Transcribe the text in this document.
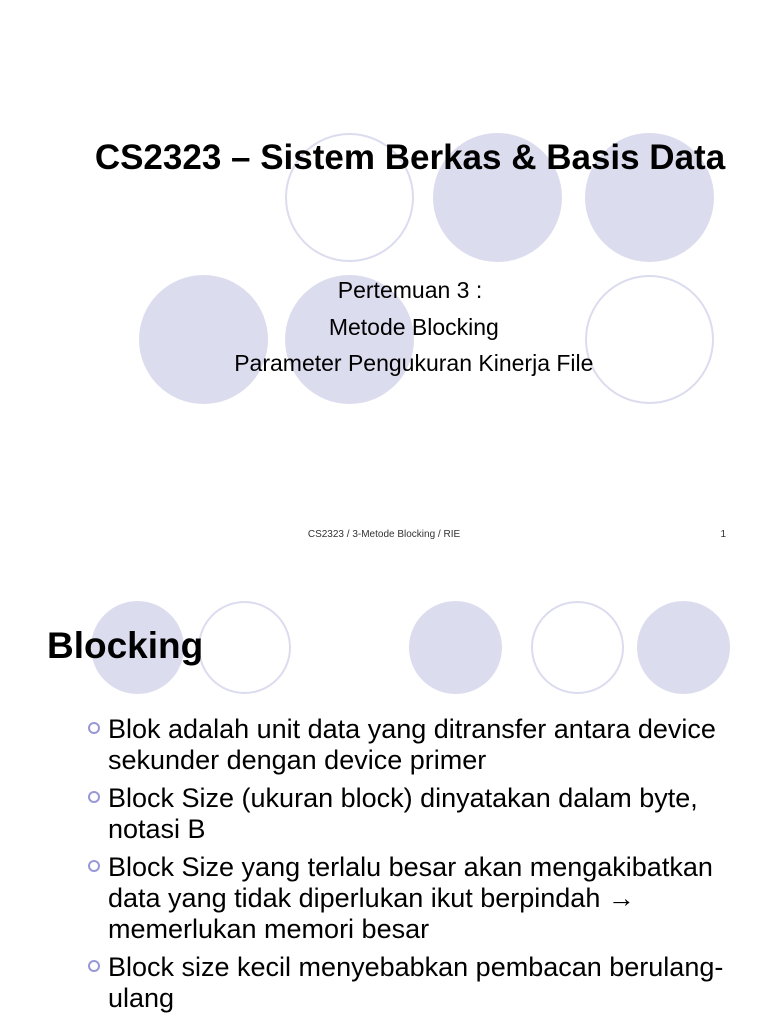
CS2323 – Sistem Berkas & Basis Data
Pertemuan 3 :
-Metode Blocking
-Parameter Pengukuran Kinerja File
CS2323 / 3-Metode Blocking / RIE	1
Blocking
Blok adalah unit data yang ditransfer antara device sekunder dengan device primer
Block Size (ukuran block) dinyatakan dalam byte, notasi B
Block Size yang terlalu besar akan mengakibatkan data yang tidak diperlukan ikut berpindah → memerlukan memori besar
Block size kecil menyebabkan pembacan berulang-ulang
